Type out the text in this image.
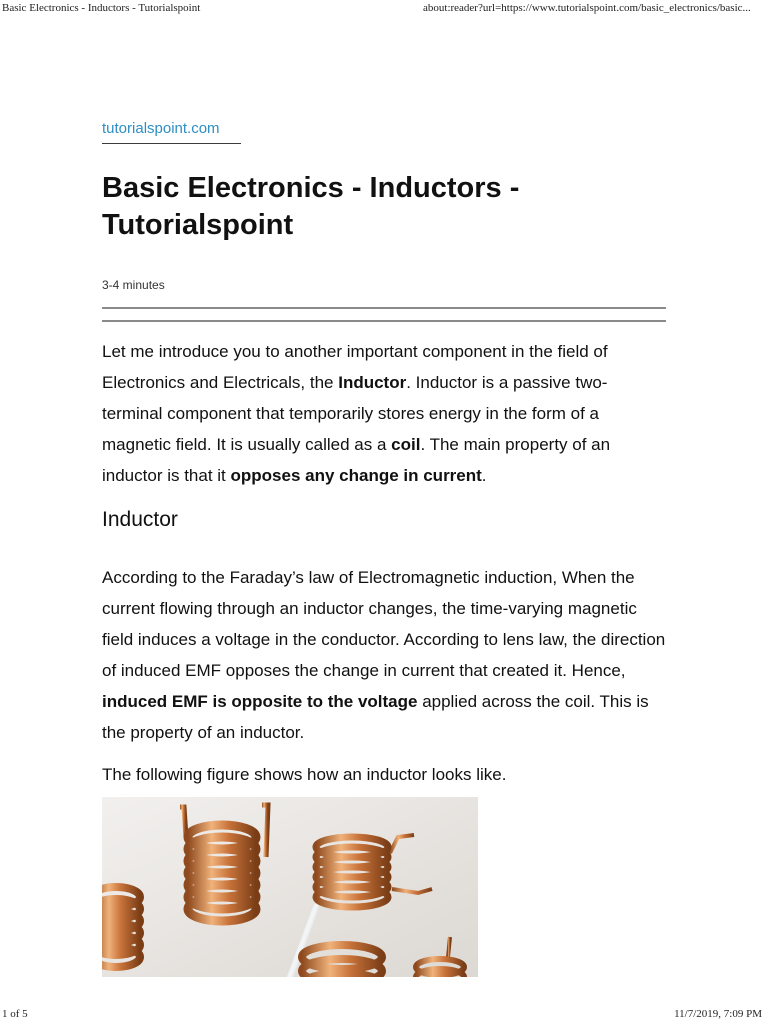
Basic Electronics - Inductors - Tutorialspoint	about:reader?url=https://www.tutorialspoint.com/basic_electronics/basic...
tutorialspoint.com
Basic Electronics - Inductors - Tutorialspoint
3-4 minutes

Let me introduce you to another important component in the field of Electronics and Electricals, the Inductor. Inductor is a passive two-terminal component that temporarily stores energy in the form of a magnetic field. It is usually called as a coil. The main property of an inductor is that it opposes any change in current.

Inductor

According to the Faraday’s law of Electromagnetic induction, When the current flowing through an inductor changes, the time-varying magnetic field induces a voltage in the conductor. According to lens law, the direction of induced EMF opposes the change in current that created it. Hence, induced EMF is opposite to the voltage applied across the coil. This is the property of an inductor.

The following figure shows how an inductor looks like.

1 of 5	11/7/2019, 7:09 PM
